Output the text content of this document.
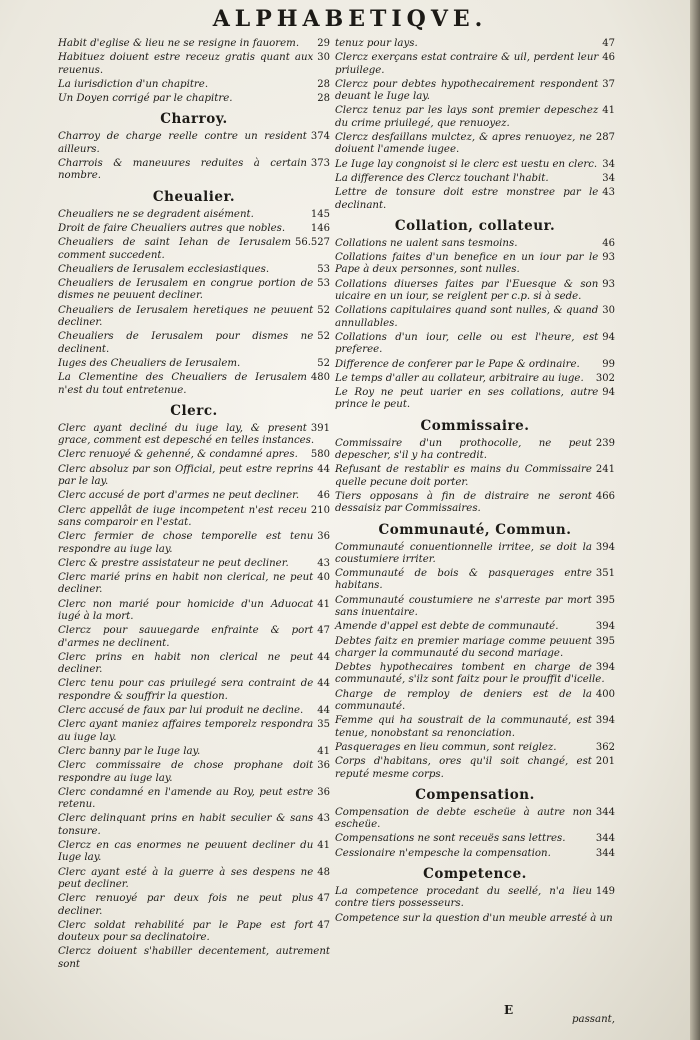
ALPHABETIQVE.
29
Habit d'eglise & lieu ne se resigne in fauorem.
30
Habituez doiuent estre receuz gratis quant aux reuenus.
28
La iurisdiction d'un chapitre.
28
Un Doyen corrigé par le chapitre.
Charroy.
374
Charroy de charge reelle contre un resident ailleurs.
373
Charrois & maneuures reduites à certain nombre.
Cheualier.
145
Cheualiers ne se degradent aisément.
146
Droit de faire Cheualiers autres que nobles.
56.527
Cheualiers de saint Iehan de Ierusalem comment succedent.
53
Cheualiers de Ierusalem ecclesiastiques.
53
Cheualiers de Ierusalem en congrue portion de dismes ne peuuent decliner.
52
Cheualiers de Ierusalem heretiques ne peuuent decliner.
52
Cheualiers de Ierusalem pour dismes ne declinent.
52
Iuges des Cheualiers de Ierusalem.
480
La Clementine des Cheualiers de Ierusalem n'est du tout entretenue.
Clerc.
391
Clerc ayant decliné du iuge lay, & present grace, comment est depesché en telles instances.
580
Clerc renuoyé & gehenné, & condamné apres.
44
Clerc absoluz par son Official, peut estre reprins par le lay.
46
Clerc accusé de port d'armes ne peut decliner.
210
Clerc appellât de iuge incompetent n'est receu sans comparoir en l'estat.
36
Clerc fermier de chose temporelle est tenu respondre au iuge lay.
43
Clerc & prestre assistateur ne peut decliner.
40
Clerc marié prins en habit non clerical, ne peut decliner.
41
Clerc non marié pour homicide d'un Aduocat iugé à la mort.
47
Clercz pour sauuegarde enfrainte & port d'armes ne declinent.
44
Clerc prins en habit non clerical ne peut decliner.
44
Clerc tenu pour cas priuilegé sera contraint de respondre & souffrir la question.
44
Clerc accusé de faux par lui produit ne decline.
35
Clerc ayant maniez affaires temporelz respondra au iuge lay.
41
Clerc banny par le Iuge lay.
36
Clerc commissaire de chose prophane doit respondre au iuge lay.
36
Clerc condamné en l'amende au Roy, peut estre retenu.
43
Clerc delinquant prins en habit seculier & sans tonsure.
41
Clercz en cas enormes ne peuuent decliner du Iuge lay.
48
Clerc ayant esté à la guerre à ses despens ne peut decliner.
47
Clerc renuoyé par deux fois ne peut plus decliner.
47
Clerc soldat rehabilité par le Pape est fort douteux pour sa declinatoire.
Clercz doiuent s'habiller decentement, autrement sont
47
tenuz pour lays.
46
Clercz exerçans estat contraire & uil, perdent leur priuilege.
37
Clercz pour debtes hypothecairement respondent deuant le Iuge lay.
41
Clercz tenuz par les lays sont premier depeschez du crime priuilegé, que renuoyez.
287
Clercz desfaillans mulctez, & apres renuoyez, ne doiuent l'amende iugee.
34
Le Iuge lay congnoist si le clerc est uestu en clerc.
34
La difference des Clercz touchant l'habit.
43
Lettre de tonsure doit estre monstree par le declinant.
Collation, collateur.
46
Collations ne ualent sans tesmoins.
93
Collations faites d'un benefice en un iour par le Pape à deux personnes, sont nulles.
93
Collations diuerses faites par l'Euesque & son uicaire en un iour, se reiglent per c.p. si à sede.
30
Collations capitulaires quand sont nulles, & quand annullables.
94
Collations d'un iour, celle ou est l'heure, est preferee.
99
Difference de conferer par le Pape & ordinaire.
302
Le temps d'aller au collateur, arbitraire au iuge.
94
Le Roy ne peut uarier en ses collations, autre prince le peut.
Commissaire.
239
Commissaire d'un prothocolle, ne peut depescher, s'il y ha contredit.
241
Refusant de restablir es mains du Commissaire quelle pecune doit porter.
466
Tiers opposans à fin de distraire ne seront dessaisiz par Commissaires.
Communauté, Commun.
394
Communauté conuentionnelle irritee, se doit la coustumiere irriter.
351
Communauté de bois & pasquerages entre habitans.
395
Communauté coustumiere ne s'arreste par mort sans inuentaire.
394
Amende d'appel est debte de communauté.
395
Debtes faitz en premier mariage comme peuuent charger la communauté du second mariage.
394
Debtes hypothecaires tombent en charge de communauté, s'ilz sont faitz pour le prouffit d'icelle.
400
Charge de remploy de deniers est de la communauté.
394
Femme qui ha soustrait de la communauté, est tenue, nonobstant sa renonciation.
362
Pasquerages en lieu commun, sont reiglez.
201
Corps d'habitans, ores qu'il soit changé, est reputé mesme corps.
Compensation.
344
Compensation de debte escheüe à autre non escheüe.
344
Compensations ne sont receuës sans lettres.
344
Cessionaire n'empesche la compensation.
Competence.
149
La competence procedant du seellé, n'a lieu contre tiers possesseurs.
Competence sur la question d'un meuble arresté à un
E
passant,
